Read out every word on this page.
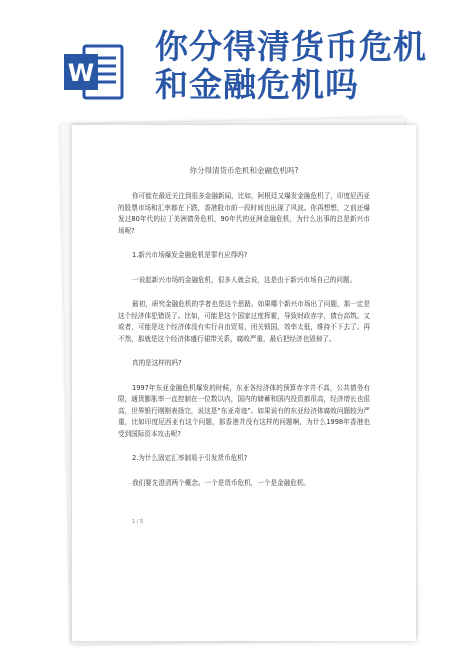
W
你分得清货币危机
和金融危机吗
你分得清货币危机和金融危机吗?

你可能在最近关注到很多金融新闻，比如，阿根廷又爆发金融危机了，印度尼西亚的股票市场和汇率都在下跌，香港股市前一段时间也出现了风波。你再想想，之前还爆发过80年代的拉丁美洲债务危机，90年代的亚洲金融危机，为什么出事的总是新兴市场呢?

1.新兴市场爆发金融危机是罪有应得吗?

一说起新兴市场的金融危机，很多人就会说，这是由于新兴市场自己的问题。

最初，研究金融危机的学者也是这个思路。如果哪个新兴市场出了问题，那一定是这个经济体犯错误了。比如，可能是这个国家过度挥霍，导致财政赤字，债台高筑。又或者，可能是这个经济体没有实行自由贸易，闭关锁国，效率太低，维持不下去了。再不然，那就是这个经济体盛行裙带关系，腐败严重，最后把经济也毁掉了。

真的是这样的吗?

1997年东亚金融危机爆发的时候，东亚各经济体的预算赤字并不高，公共债务有限，通货膨胀率一直控制在一位数以内，国内的储蓄和国内投资都很高，经济增长也很高，世界银行刚刚表扬完，说这是“东亚奇迹”。如果说有的东亚经济体腐败问题较为严重，比如印度尼西亚有这个问题，那香港并没有这样的问题啊，为什么1998年香港也受到国际资本攻击呢?

2.为什么固定汇率制易于引发货币危机?

我们要先澄清两个概念。一个是货币危机，一个是金融危机。

1 / 5
